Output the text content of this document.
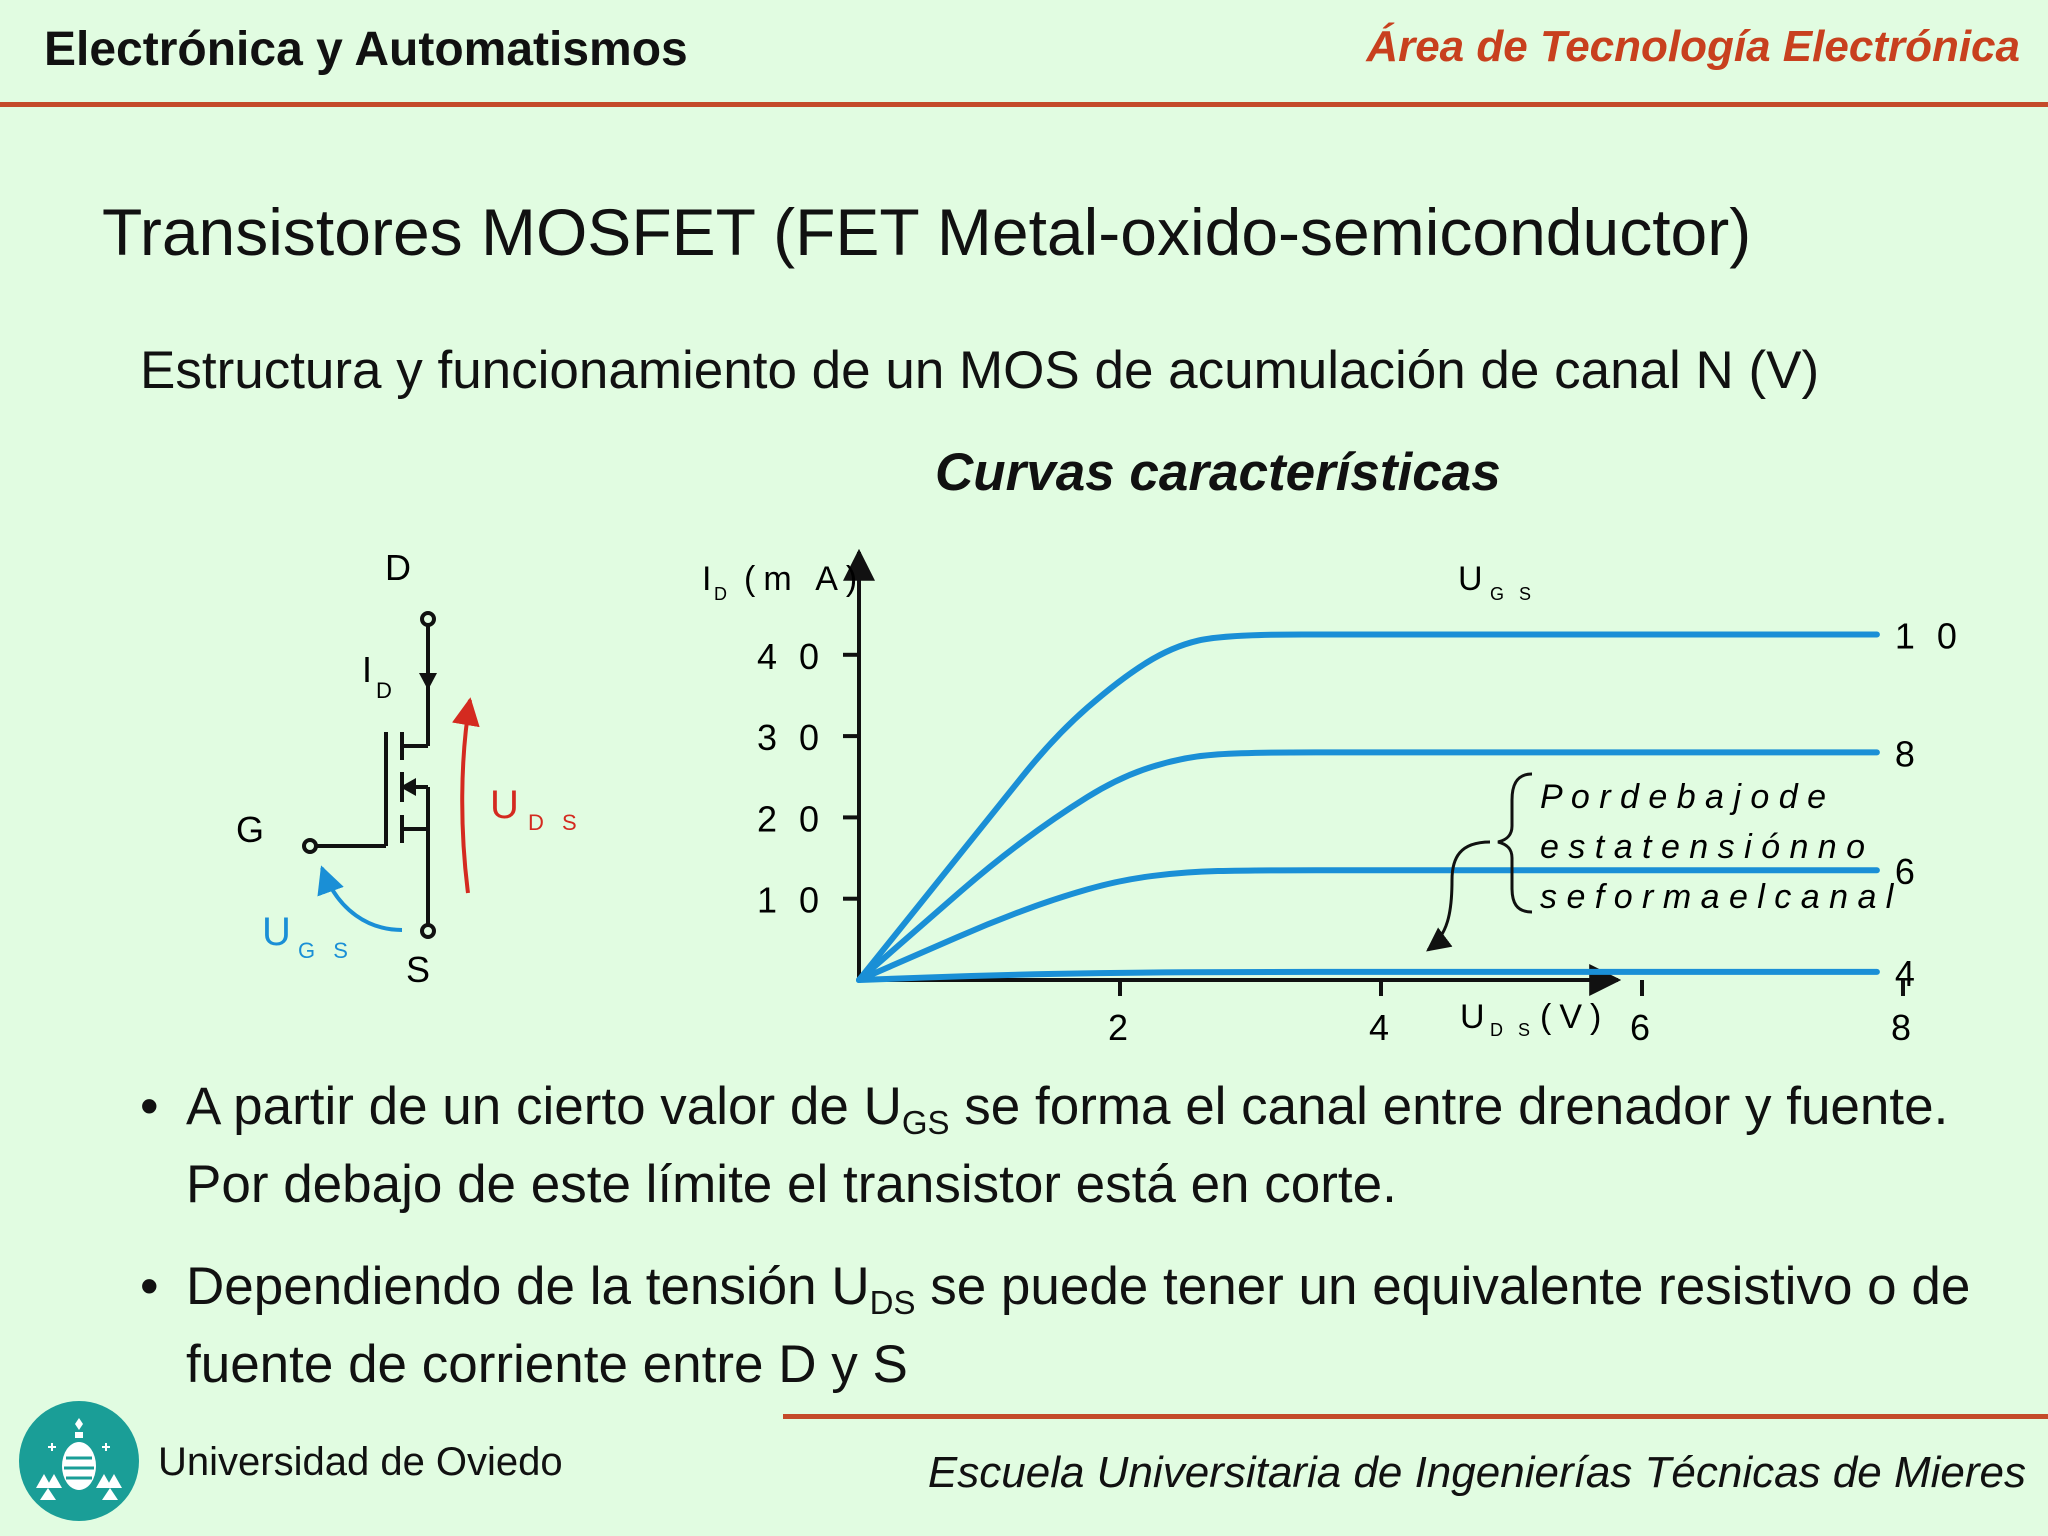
Electrónica y Automatismos	Área de Tecnología Electrónica
Transistores MOSFET (FET Metal-oxido-semiconductor)
Estructura y funcionamiento de un MOS de acumulación de canal N (V)
Curvas características
D
G
S
I
D
U D S
U G S
1 0
8
6
4
2	4	6	8
1 0
2 0
3 0
4 0
I D (m A)
U D S (V)
U G S
P o r d e b a j o d e
e s t a t e n s i ó n n o
s e f o r m a e l c a n a l
• A partir de un cierto valor de $U_{GS}$ se forma el canal entre drenador y fuente. Por debajo de este límite el transistor está en corte.
• Dependiendo de la tensión $U_{DS}$ se puede tener un equivalente resistivo o de fuente de corriente entre D y S
Universidad de Oviedo	Escuela Universitaria de Ingenierías Técnicas de Mieres
